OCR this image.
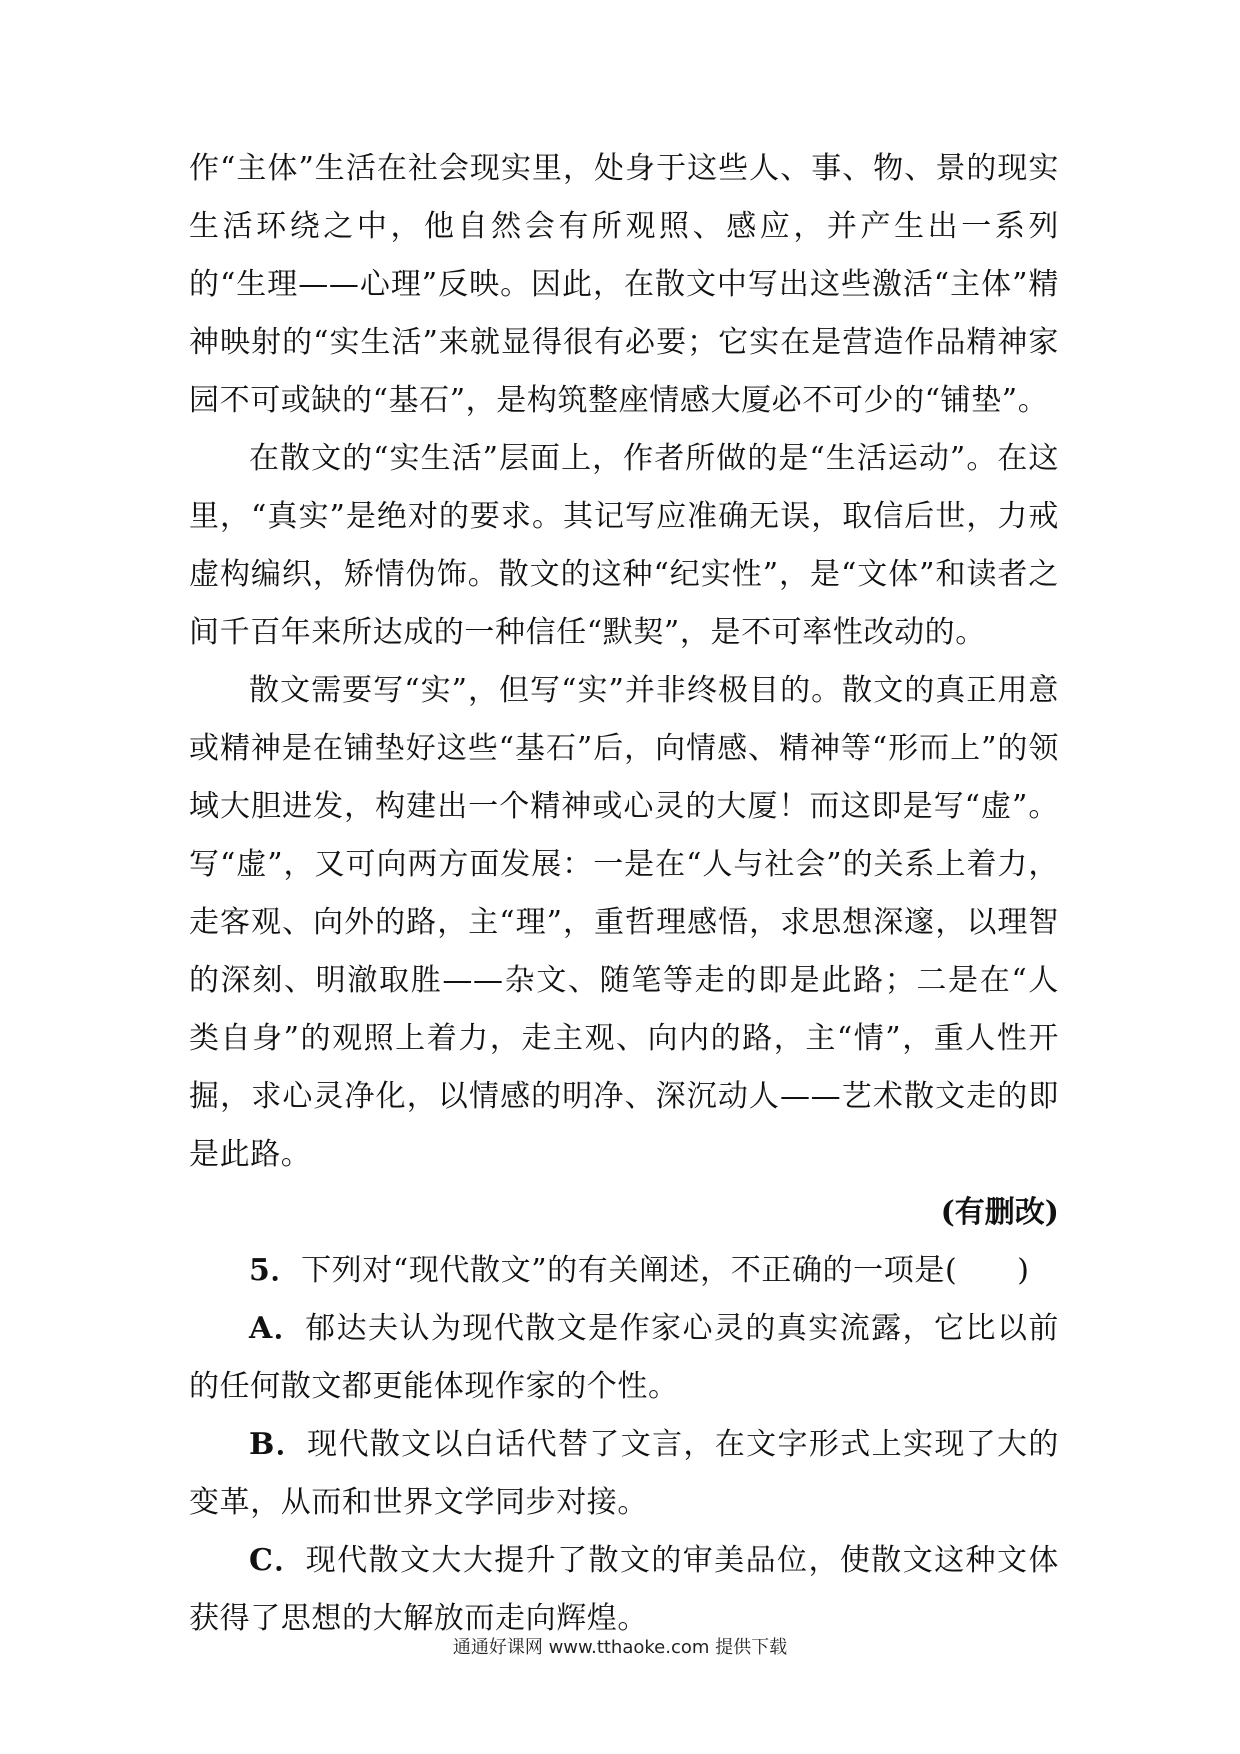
作“主体”生活在社会现实里，处身于这些人、事、物、景的现实生活环绕之中，他自然会有所观照、感应，并产生出一系列的“生理——心理”反映。因此，在散文中写出这些激活“主体”精神映射的“实生活”来就显得很有必要；它实在是营造作品精神家园不可或缺的“基石”，是构筑整座情感大厦必不可少的“铺垫”。

在散文的“实生活”层面上，作者所做的是“生活运动”。在这里，“真实”是绝对的要求。其记写应准确无误，取信后世，力戒虚构编织，矫情伪饰。散文的这种“纪实性”，是“文体”和读者之间千百年来所达成的一种信任“默契”，是不可率性改动的。

散文需要写“实”，但写“实”并非终极目的。散文的真正用意或精神是在铺垫好这些“基石”后，向情感、精神等“形而上”的领域大胆进发，构建出一个精神或心灵的大厦！而这即是写“虚”。写“虚”，又可向两方面发展：一是在“人与社会”的关系上着力，走客观、向外的路，主“理”，重哲理感悟，求思想深邃，以理智的深刻、明澈取胜——杂文、随笔等走的即是此路；二是在“人类自身”的观照上着力，走主观、向内的路，主“情”，重人性开掘，求心灵净化，以情感的明净、深沉动人——艺术散文走的即是此路。

(有删改)

5．下列对“现代散文”的有关阐述，不正确的一项是( )

A．郁达夫认为现代散文是作家心灵的真实流露，它比以前的任何散文都更能体现作家的个性。

B．现代散文以白话代替了文言，在文字形式上实现了大的变革，从而和世界文学同步对接。

C．现代散文大大提升了散文的审美品位，使散文这种文体获得了思想的大解放而走向辉煌。

通通好课网 www.tthaoke.com 提供下载
